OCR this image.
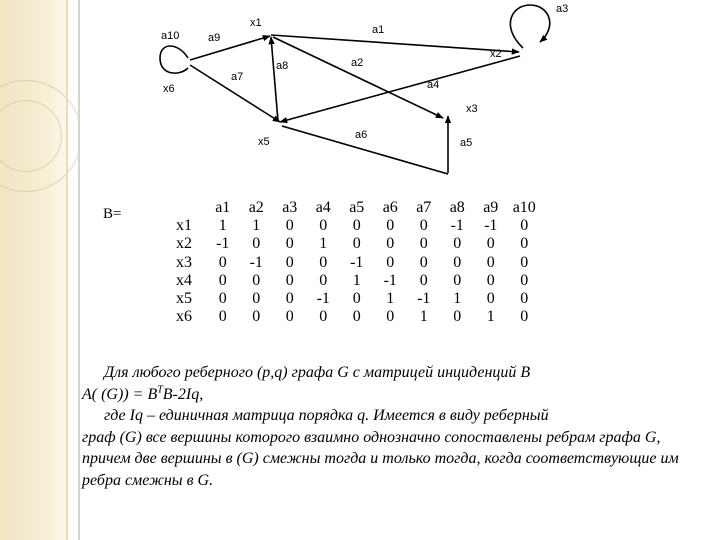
x1
x2
x3
x5
x6
a1
a2
a3
a4
a5
a6
a7
a8
a9
a10
B=
		a1	a2	a3	a4	a5	a6	a7	a8	a9	a10
x1	1	1	0	0	0	0	0	-1	-1	0
x2	-1	0	0	1	0	0	0	0	0	0
x3	0	-1	0	0	-1	0	0	0	0	0
x4	0	0	0	0	1	-1	0	0	0	0
x5	0	0	0	-1	0	1	-1	1	0	0
x6	0	0	0	0	0	0	1	0	1	0

Для любого реберного (p,q) графа G с матрицей инциденций B

A( $(G)) = B^TB-2Iq$,

где Iq – единичная матрица порядка q. Имеется в виду реберный

граф (G) все вершины которого взаимно однозначно сопоставлены ребрам графа G, причем две вершины в (G) смежны тогда и только тогда, когда соответствующие им ребра смежны в G.
